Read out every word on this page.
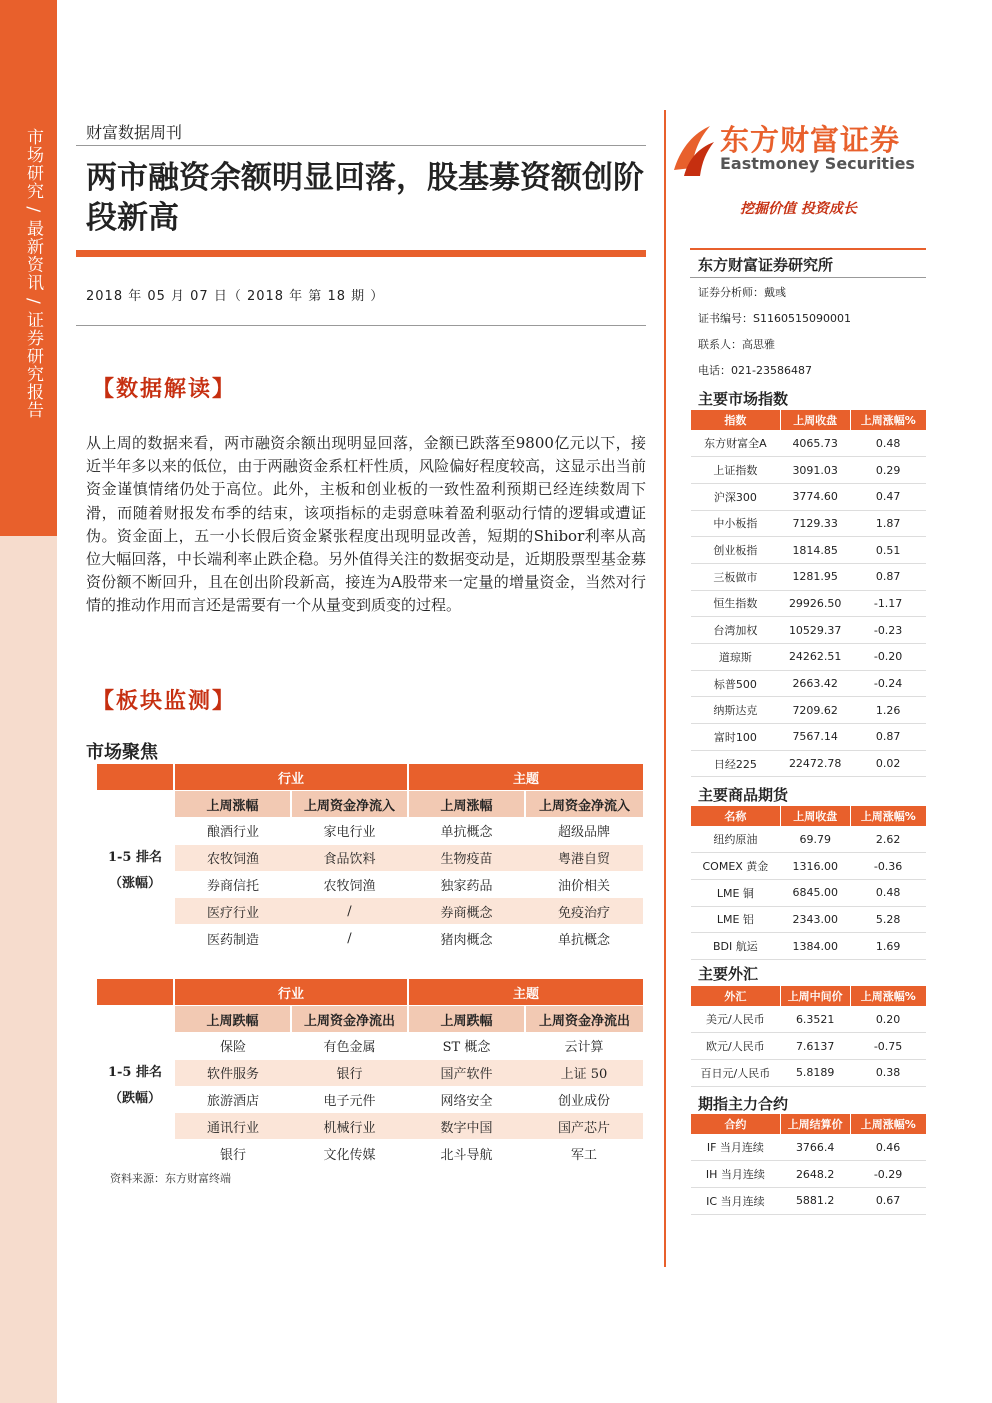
市场研究 / 最新资讯 / 证券研究报告	财富数据周刊
两市融资余额明显回落，股基募资额创阶段新高
2018 年 05 月 07 日（ 2018 年 第 18 期 ）
【数据解读】
从上周的数据来看，两市融资余额出现明显回落，金额已跌落至9800亿元以下，接近半年多以来的低位，由于两融资金系杠杆性质，风险偏好程度较高，这显示出当前资金谨慎情绪仍处于高位。此外，主板和创业板的一致性盈利预期已经连续数周下滑，而随着财报发布季的结束，该项指标的走弱意味着盈利驱动行情的逻辑或遭证伪。资金面上，五一小长假后资金紧张程度出现明显改善，短期的Shibor利率从高位大幅回落，中长端利率止跌企稳。另外值得关注的数据变动是，近期股票型基金募资份额不断回升，且在创出阶段新高，接连为A股带来一定量的增量资金，当然对行情的推动作用而言还是需要有一个从量变到质变的过程。
【板块监测】
市场聚焦
	行业		主题	
1-5 排名
（涨幅）	上周涨幅	上周资金净流入	上周涨幅	上周资金净流入
	酿酒行业	家电行业	单抗概念	超级品牌
	农牧饲渔	食品饮料	生物疫苗	粤港自贸
	券商信托	农牧饲渔	独家药品	油价相关
	医疗行业	/	券商概念	免疫治疗
	医药制造	/	猪肉概念	单抗概念
	行业		主题	
1-5 排名
（跌幅）	上周跌幅	上周资金净流出	上周跌幅	上周资金净流出
	保险	有色金属	ST 概念	云计算
	软件服务	银行	国产软件	上证 50
	旅游酒店	电子元件	网络安全	创业成份
	通讯行业	机械行业	数字中国	国产芯片
	银行	文化传媒	北斗导航	军工
资料来源：东方财富终端
东方财富证券
Eastmoney Securities
挖掘价值 投资成长
东方财富证券研究所
证券分析师：戴彧
证书编号：S1160515090001
联系人：高思雅
电话：021-23586487
主要市场指数
指数	上周收盘	上周涨幅%
东方财富全A	4065.73	0.48
上证指数	3091.03	0.29
沪深300	3774.60	0.47
中小板指	7129.33	1.87
创业板指	1814.85	0.51
三板做市	1281.95	0.87
恒生指数	29926.50	-1.17
台湾加权	10529.37	-0.23
道琼斯	24262.51	-0.20
标普500	2663.42	-0.24
纳斯达克	7209.62	1.26
富时100	7567.14	0.87
日经225	22472.78	0.02
主要商品期货
名称	上周收盘	上周涨幅%
纽约原油	69.79	2.62
COMEX 黄金	1316.00	-0.36
LME 铜	6845.00	0.48
LME 铝	2343.00	5.28
BDI 航运	1384.00	1.69
主要外汇
外汇	上周中间价	上周涨幅%
美元/人民币	6.3521	0.20
欧元/人民币	7.6137	-0.75
百日元/人民币	5.8189	0.38
期指主力合约
合约	上周结算价	上周涨幅%
IF 当月连续	3766.4	0.46
IH 当月连续	2648.2	-0.29
IC 当月连续	5881.2	0.67
